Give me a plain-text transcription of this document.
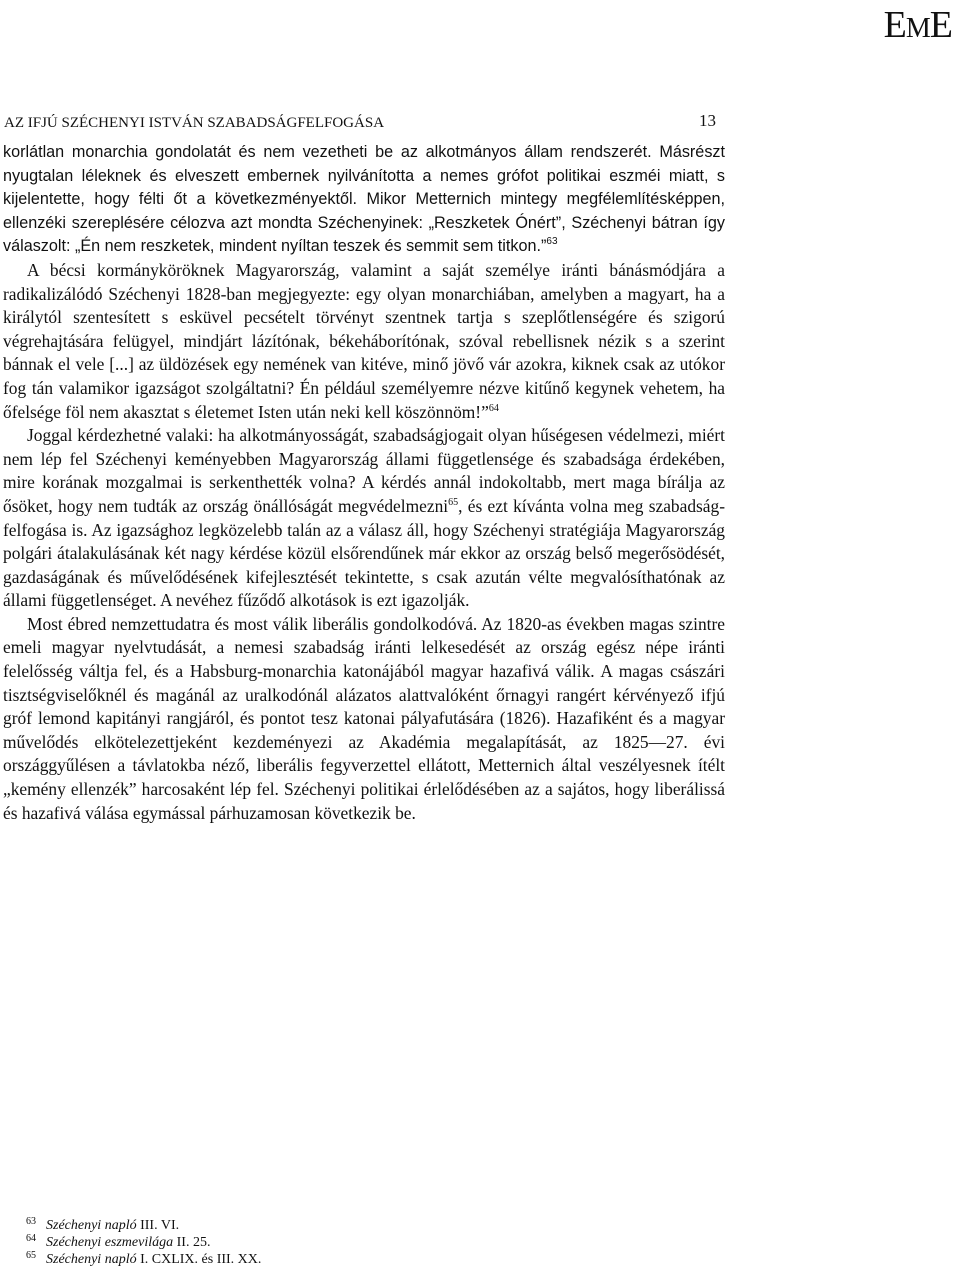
EME
AZ IFJÚ SZÉCHENYI ISTVÁN SZABADSÁGFELFOGÁSA	13

korlátlan monarchia gondolatát és nem vezetheti be az alkotmányos állam rendszerét. Másrészt nyugtalan léleknek és elveszett embernek nyilvánította a nemes grófot politikai eszméi miatt, s kijelentette, hogy félti őt a következményektől. Mikor Metternich mintegy megfélemlítésképpen, ellenzéki szereplésére célozva azt mondta Széchenyinek: „Reszketek Ónért”, Széchenyi bátran így válaszolt: „Én nem reszketek, mindent nyíltan teszek és semmit sem titkon.”$^{63}$

A bécsi kormányköröknek Magyarország, valamint a saját személye iránti bánásmódjára a radikalizálódó Széchenyi 1828-ban megjegyezte: egy olyan monarchiában, amelyben a magyart, ha a királytól szentesített s esküvel pecsételt törvényt szentnek tartja s szeplőtlenségére és szigorú végrehajtására felügyel, mindjárt lázítónak, békeháborítónak, szóval rebellisnek nézik s a szerint bánnak el vele [...] az üldözések egy nemének van kitéve, minő jövő vár azokra, kiknek csak az utókor fog tán valamikor igazságot szolgáltatni? Én például személyemre nézve kitűnő kegynek vehetem, ha őfelsége föl nem akasztat s életemet Isten után neki kell köszönnöm!”$^{64}$

Joggal kérdezhetné valaki: ha alkotmányosságát, szabadságjogait olyan hűségesen védelmezi, miért nem lép fel Széchenyi keményebben Magyarország állami függetlensége és szabadsága érdekében, mire korának mozgalmai is serkenthették volna? A kérdés annál indokoltabb, mert maga bírálja az ősöket, hogy nem tudták az ország önállóságát megvédelmezni$^{65}$, és ezt kívánta volna meg szabadság-felfogása is. Az igazsághoz legközelebb talán az a válasz áll, hogy Széchenyi stratégiája Magyarország polgári átalakulásának két nagy kérdése közül elsőrendűnek már ekkor az ország belső megerősödését, gazdaságának és művelődésének kifejlesztését tekintette, s csak azután vélte megvalósíthatónak az állami függetlenséget. A nevéhez fűződő alkotások is ezt igazolják.

Most ébred nemzettudatra és most válik liberális gondolkodóvá. Az 1820-as években magas szintre emeli magyar nyelvtudását, a nemesi szabadság iránti lelkesedését az ország egész népe iránti felelősség váltja fel, és a Habsburg-monarchia katonájából magyar hazafivá válik. A magas császári tisztségviselőknél és magánál az uralkodónál alázatos alattvalóként őrnagyi rangért kérvényező ifjú gróf lemond kapitányi rangjáról, és pontot tesz katonai pályafutására (1826). Hazafiként és a magyar művelődés elkötelezettjeként kezdeményezi az Akadémia megalapítását, az 1825—27. évi országgyűlésen a távlatokba néző, liberális fegyverzettel ellátott, Metternich által veszélyesnek ítélt „kemény ellenzék” harcosaként lép fel. Széchenyi politikai érlelődésében az a sajátos, hogy liberálissá és hazafivá válása egymással párhuzamosan következik be.

63 Széchenyi napló III. VI.
64 Széchenyi eszmevilága II. 25.
65 Széchenyi napló I. CXLIX. és III. XX.
